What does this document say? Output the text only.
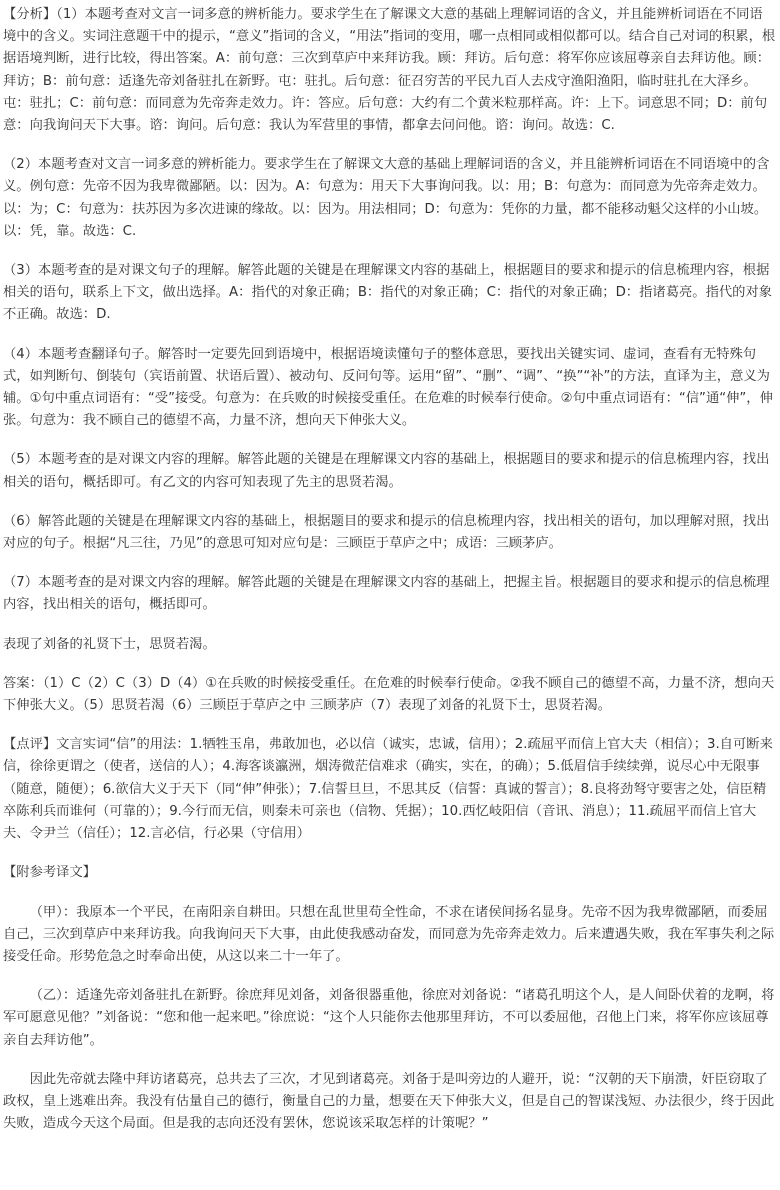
【分析】（1）本题考查对文言一词多意的辨析能力。要求学生在了解课文大意的基础上理解词语的含义，并且能辨析词语在不同语境中的含义。实词注意题干中的提示，“意义”指词的含义，“用法”指词的变用，哪一点相同或相似都可以。结合自己对词的积累，根据语境判断，进行比较，得出答案。A：前句意：三次到草庐中来拜访我。顾：拜访。后句意：将军你应该屈尊亲自去拜访他。顾：拜访；B：前句意：适逢先帝刘备驻扎在新野。屯：驻扎。后句意：征召穷苦的平民九百人去戍守渔阳渔阳，临时驻扎在大泽乡。屯：驻扎；C：前句意：而同意为先帝奔走效力。许：答应。后句意：大约有二个黄米粒那样高。许：上下。词意思不同；D：前句意：向我询问天下大事。谘：询问。后句意：我认为军营里的事情，都拿去问问他。谘：询问。故选：C.

（2）本题考查对文言一词多意的辨析能力。要求学生在了解课文大意的基础上理解词语的含义，并且能辨析词语在不同语境中的含义。例句意：先帝不因为我卑微鄙陋。以：因为。A：句意为：用天下大事询问我。以：用；B：句意为：而同意为先帝奔走效力。以：为；C：句意为：扶苏因为多次进谏的缘故。以：因为。用法相同；D：句意为：凭你的力量，都不能移动魁父这样的小山坡。以：凭，靠。故选：C.

（3）本题考查的是对课文句子的理解。解答此题的关键是在理解课文内容的基础上，根据题目的要求和提示的信息梳理内容，根据相关的语句，联系上下文，做出选择。A：指代的对象正确；B：指代的对象正确；C：指代的对象正确；D：指诸葛亮。指代的对象不正确。故选：D.

（4）本题考查翻译句子。解答时一定要先回到语境中，根据语境读懂句子的整体意思，要找出关键实词、虚词，查看有无特殊句式，如判断句、倒装句（宾语前置、状语后置）、被动句、反问句等。运用“留”、“删”、“调”、“换”“补”的方法，直译为主，意义为辅。①句中重点词语有：“受”接受。句意为：在兵败的时候接受重任。在危难的时候奉行使命。②句中重点词语有：“信”通“伸”，伸张。句意为：我不顾自己的德望不高，力量不济，想向天下伸张大义。

（5）本题考查的是对课文内容的理解。解答此题的关键是在理解课文内容的基础上，根据题目的要求和提示的信息梳理内容，找出相关的语句，概括即可。有乙文的内容可知表现了先主的思贤若渴。

（6）解答此题的关键是在理解课文内容的基础上，根据题目的要求和提示的信息梳理内容，找出相关的语句，加以理解对照，找出对应的句子。根据“凡三往，乃见”的意思可知对应句是：三顾臣于草庐之中；成语：三顾茅庐。

（7）本题考查的是对课文内容的理解。解答此题的关键是在理解课文内容的基础上，把握主旨。根据题目的要求和提示的信息梳理内容，找出相关的语句，概括即可。

表现了刘备的礼贤下士，思贤若渴。

答案：（1）C（2）C（3）D（4）①在兵败的时候接受重任。在危难的时候奉行使命。②我不顾自己的德望不高，力量不济，想向天下伸张大义。（5）思贤若渴（6）三顾臣于草庐之中 三顾茅庐（7）表现了刘备的礼贤下士，思贤若渴。

【点评】文言实词“信”的用法：1.牺牲玉帛，弗敢加也，必以信（诚实，忠诚，信用）；2.疏屈平而信上官大夫（相信）；3.自可断来信，徐徐更谓之（使者，送信的人）；4.海客谈瀛洲，烟涛微茫信难求（确实，实在，的确）；5.低眉信手续续弹，说尽心中无限事（随意，随便）；6.欲信大义于天下（同“伸”伸张）；7.信誓旦旦，不思其反（信誓：真诚的誓言）；8.良将劲弩守要害之处，信臣精卒陈利兵而谁何（可靠的）；9.今行而无信，则秦未可亲也（信物、凭据）；10.西忆岐阳信（音讯、消息）；11.疏屈平而信上官大夫、令尹兰（信任）；12.言必信，行必果（守信用）

【附参考译文】

（甲）：我原本一个平民，在南阳亲自耕田。只想在乱世里苟全性命，不求在诸侯间扬名显身。先帝不因为我卑微鄙陋，而委屈自己，三次到草庐中来拜访我。向我询问天下大事，由此使我感动奋发，而同意为先帝奔走效力。后来遭遇失败，我在军事失利之际接受任命。形势危急之时奉命出使，从这以来二十一年了。

（乙）：适逢先帝刘备驻扎在新野。徐庶拜见刘备，刘备很器重他，徐庶对刘备说：“诸葛孔明这个人，是人间卧伏着的龙啊，将军可愿意见他？”刘备说：“您和他一起来吧。”徐庶说：“这个人只能你去他那里拜访，不可以委屈他，召他上门来，将军你应该屈尊亲自去拜访他”。

因此先帝就去隆中拜访诸葛亮，总共去了三次，才见到诸葛亮。刘备于是叫旁边的人避开，说：“汉朝的天下崩溃，奸臣窃取了政权，皇上逃难出奔。我没有估量自己的德行，衡量自己的力量，想要在天下伸张大义，但是自己的智谋浅短、办法很少，终于因此失败，造成今天这个局面。但是我的志向还没有罢休，您说该采取怎样的计策呢？”
